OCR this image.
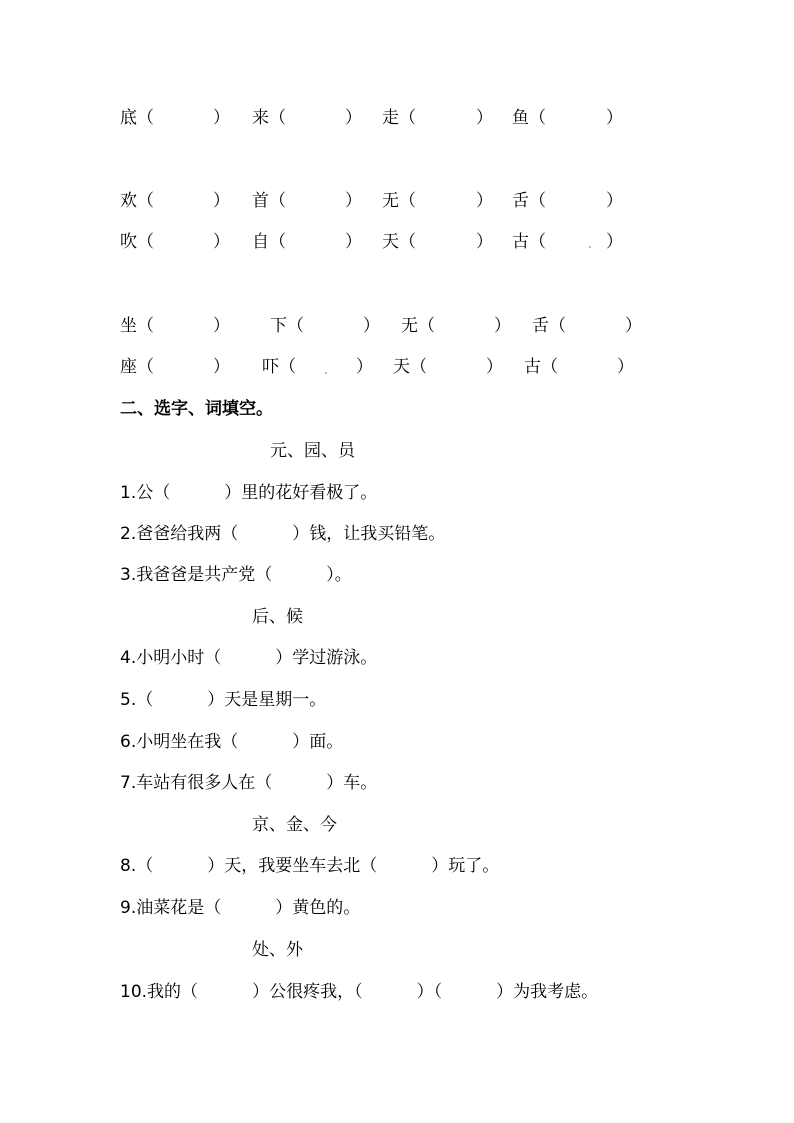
底（	） 来（	） 走（	） 鱼（	）
欢（	） 首（	） 无（	） 舌（	）
吹（	） 自（	） 天（	） 古（	）
坐（	） 下（	） 无（	） 舌（	）
座（	） 吓（	） 天（	） 古（	）
二、选字、词填空。
元、园、员
1.公（          ）里的花好看极了。
2.爸爸给我两（          ）钱，让我买铅笔。
3.我爸爸是共产党（          ）。
后、候
4.小明小时（          ）学过游泳。
5.（          ）天是星期一。
6.小明坐在我（          ）面。
7.车站有很多人在（          ）车。
京、金、今
8.（          ）天，我要坐车去北（          ）玩了。
9.油菜花是（          ）黄色的。
处、外
10.我的（          ）公很疼我，（          ）（          ）为我考虑。
